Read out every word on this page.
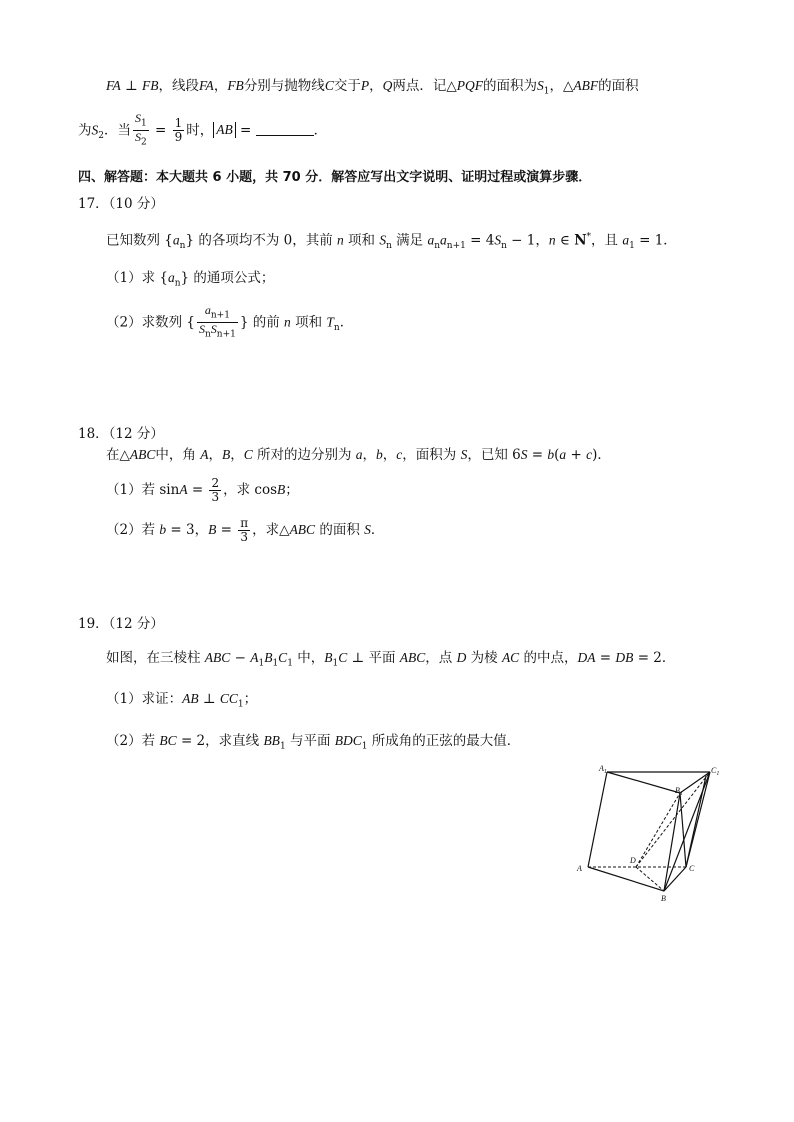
FA ⊥ FB，线段FA，FB分别与抛物线C交于P，Q两点．记△PQF的面积为$S_1$，△ABF的面积
为$S_2$．当 $\frac{S_1}{S_2} = \frac{1}{9}$ 时， AB =	．
四、解答题：本大题共 6 小题，共 70 分．解答应写出文字说明、证明过程或演算步骤．
17．（10 分）
已知数列 $\{a_n\}$ 的各项均不为 0，其前 n 项和 $S_n$ 满足 $a_na_{n+1} = 4S_n - 1$，n ∈ N*，且 $a_1 = 1$．
（1）求 $\{a_n\}$ 的通项公式；
（2）求数列 { $\frac{a_{n+1}}{S_nS_{n+1}}$ } 的前 n 项和 $T_n$．
18．（12 分）
在△ABC中，角 A，B，C 所对的边分别为 a，b，c，面积为 S，已知 6S = b(a + c)．
（1）若 $\sin A = \frac{2}{3}$ ，求 cosB；
（2）若 b = 3，$B = \frac{\pi}{3}$ ，求△ABC 的面积 S．
19．（12 分）
如图，在三棱柱 ABC − $A_1B_1C_1$ 中，$B_1C$ ⊥ 平面 ABC，点 D 为棱 AC 的中点，DA = DB = 2．
（1）求证：AB ⊥ $CC_1$；
（2）若 BC = 2，求直线 $BB_1$ 与平面 $BDC_1$ 所成角的正弦的最大值．
$A_1$	$C_1$
$B_1$
A
D
C
B
